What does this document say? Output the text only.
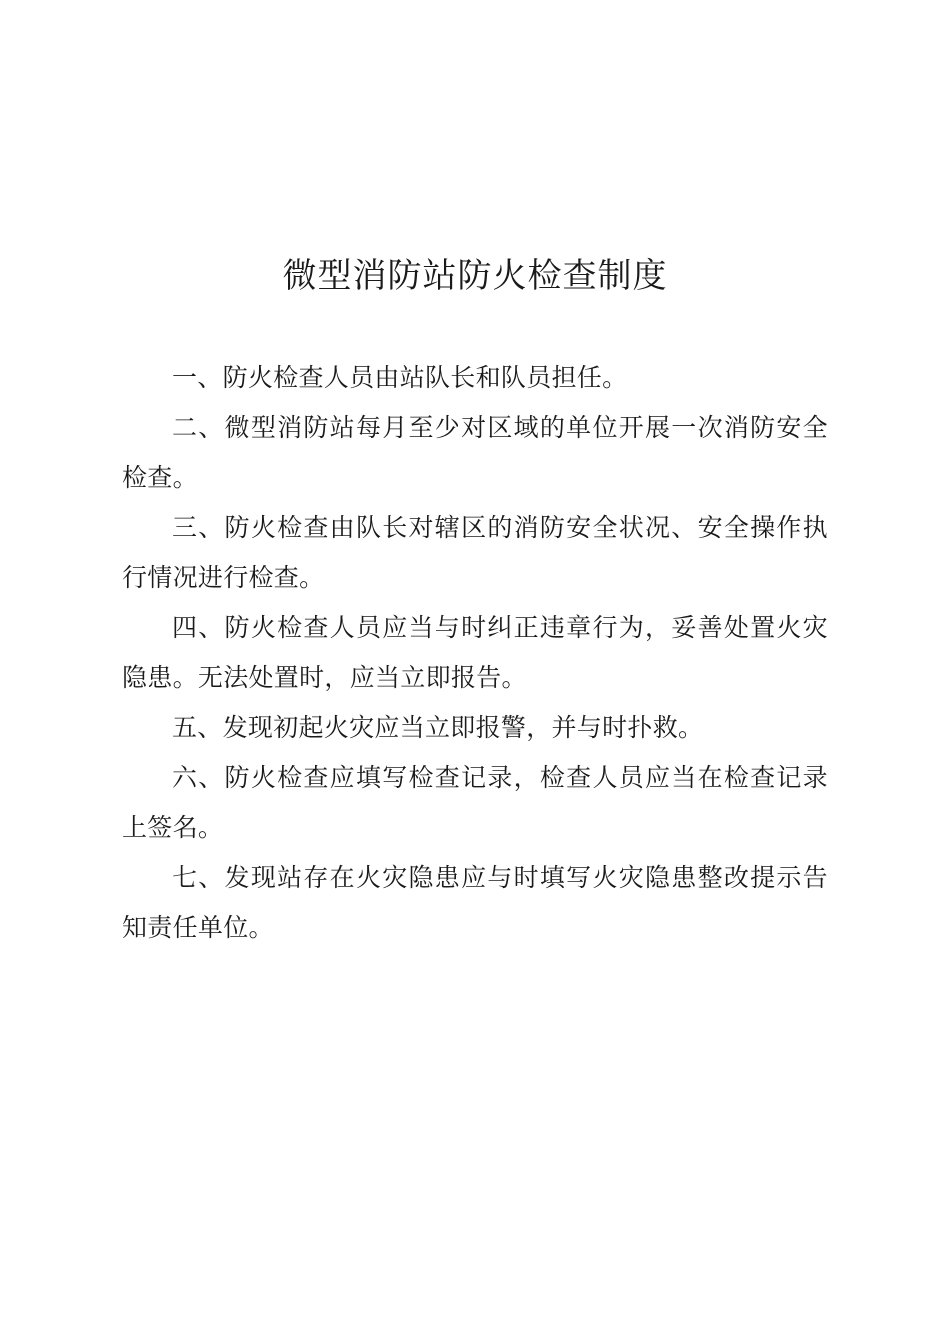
微型消防站防火检查制度

一、防火检查人员由站队长和队员担任。

二、微型消防站每月至少对区域的单位开展一次消防安全检查。

三、防火检查由队长对辖区的消防安全状况、安全操作执行情况进行检查。

四、防火检查人员应当与时纠正违章行为，妥善处置火灾隐患。无法处置时，应当立即报告。

五、发现初起火灾应当立即报警，并与时扑救。

六、防火检查应填写检查记录，检查人员应当在检查记录上签名。

七、发现站存在火灾隐患应与时填写火灾隐患整改提示告知责任单位。
